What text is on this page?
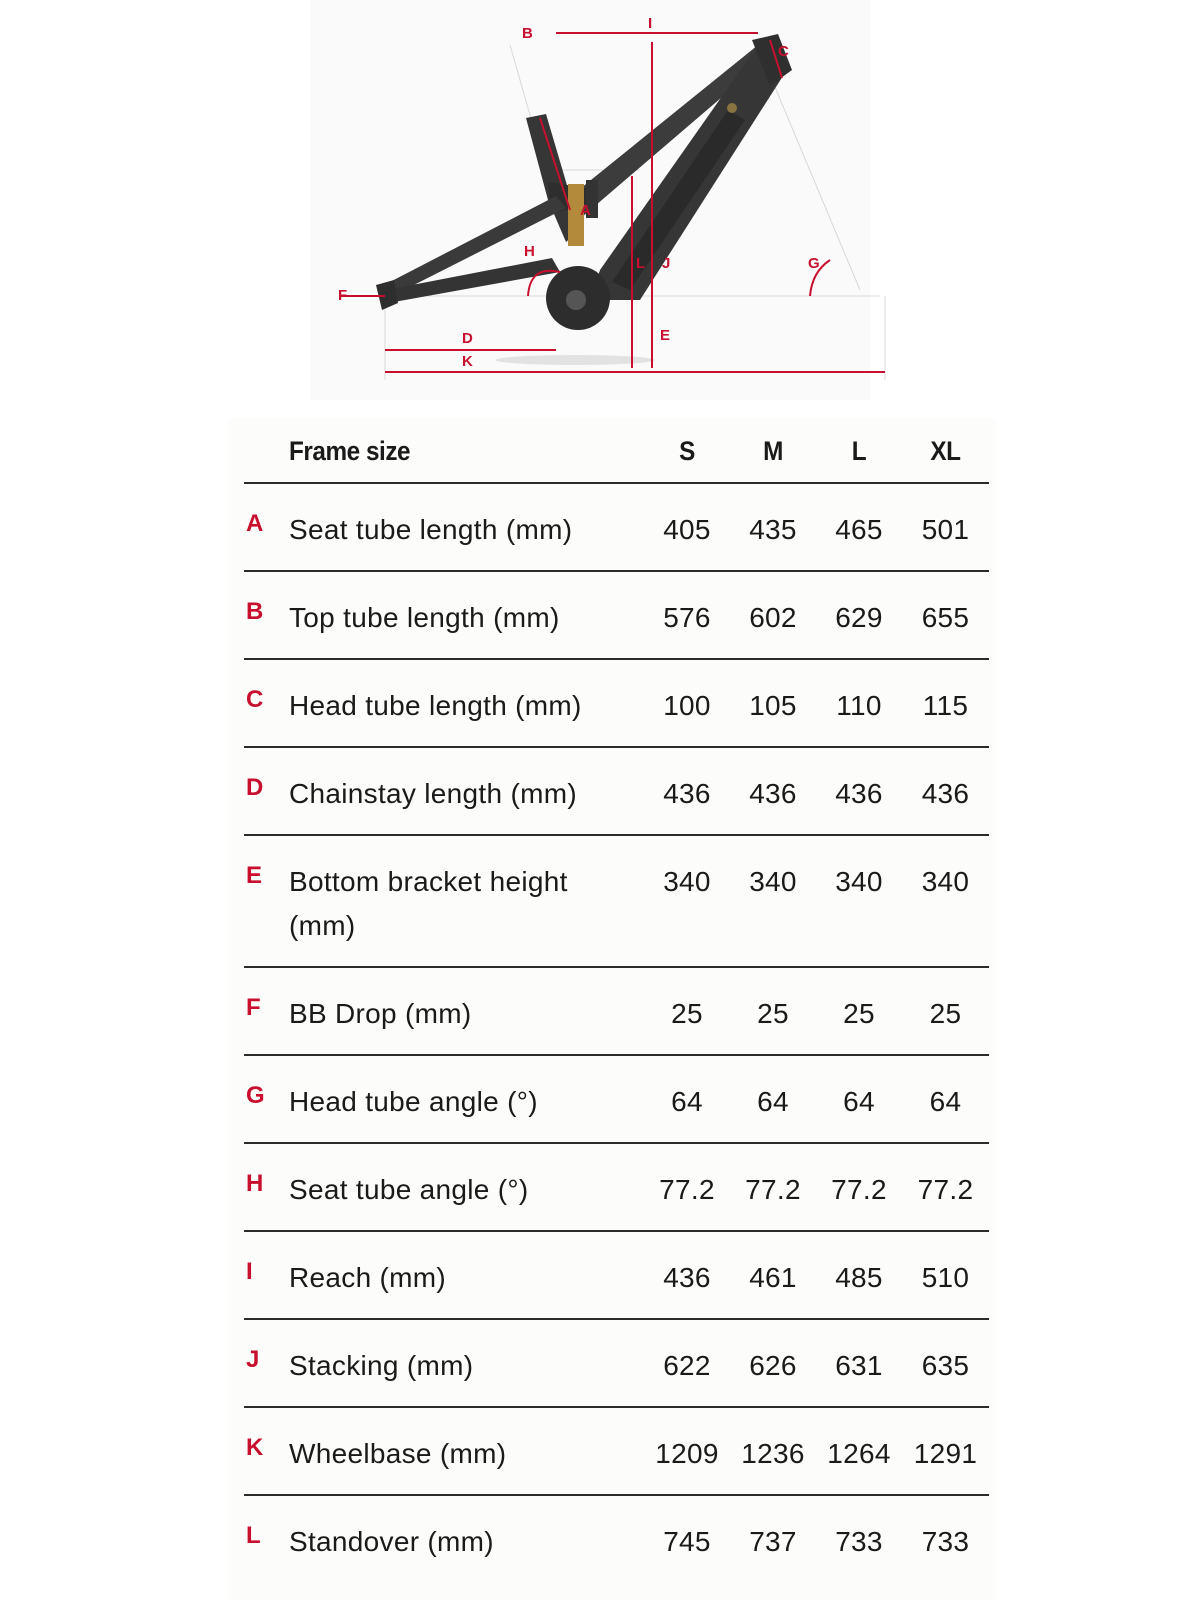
A
B
C
D	E
F
G
H
I
J
K
L
	Frame size	S	M	L	XL
A	Seat tube length (mm)	405	435	465	501
B	Top tube length (mm)	576	602	629	655
C	Head tube length (mm)	100	105	110	115
D	Chainstay length (mm)	436	436	436	436
E	Bottom bracket height (mm)	340	340	340	340
F	BB Drop (mm)	25	25	25	25
G	Head tube angle (°)	64	64	64	64
H	Seat tube angle (°)	77.2	77.2	77.2	77.2
I	Reach (mm)	436	461	485	510
J	Stacking (mm)	622	626	631	635
K	Wheelbase (mm)	1209	1236	1264	1291
L	Standover (mm)	745	737	733	733
